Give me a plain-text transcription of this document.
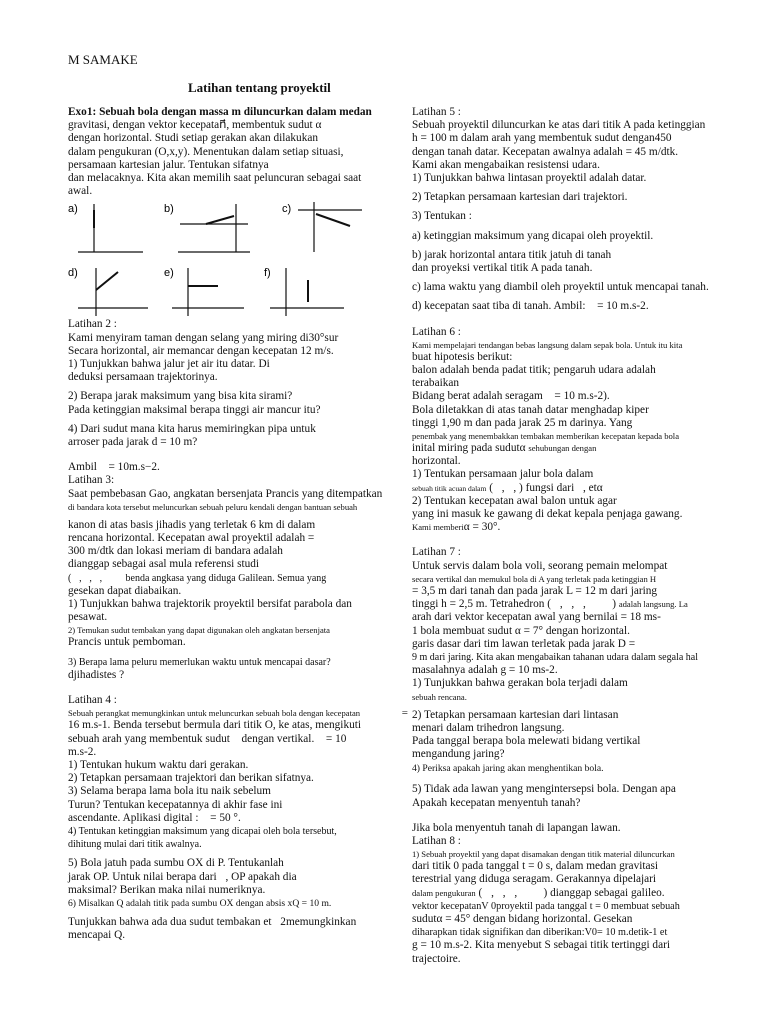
M SAMAKE
Latihan tentang proyektil

Exo1: Sebuah bola dengan massa m diluncurkan dalam medan

gravitasi, dengan vektor kecepatan⃗⃗, membentuk sudut α

dengan horizontal. Studi setiap gerakan akan dilakukan

dalam pengukuran (O,x,y). Menentukan dalam setiap situasi,

persamaan kartesian jalur. Tentukan sifatnya

dan melacaknya. Kita akan memilih saat peluncuran sebagai saat

awal.

a)	b)	c)
d)	e)	f)

Latihan 2 :

Kami menyiram taman dengan selang yang miring di30°sur

Secara horizontal, air memancar dengan kecepatan 12 m/s.

1) Tunjukkan bahwa jalur jet air itu datar. Di

deduksi persamaan trajektorinya.

2) Berapa jarak maksimum yang bisa kita sirami?

Pada ketinggian maksimal berapa tinggi air mancur itu?

4) Dari sudut mana kita harus memiringkan pipa untuk

arroser pada jarak d = 10 m?

Ambil⃞ = 10m.s−2.

Latihan 3:

Saat pembebasan Gao, angkatan bersenjata Prancis yang ditempatkan

di bandara kota tersebut meluncurkan sebuah peluru kendali dengan bantuan sebuah

kanon di atas basis jihadis yang terletak 6 km di dalam

rencana horizontal. Kecepatan awal proyektil adalah =

300 m/dtk dan lokasi meriam di bandara adalah

dianggap sebagai asal mula referensi studi

(⃞,⃞,⃞,⃞⃞⃞benda angkasa yang diduga Galilean. Semua yang

gesekan dapat diabaikan.

1) Tunjukkan bahwa trajektorik proyektil bersifat parabola dan

pesawat.

2) Temukan sudut tembakan yang dapat digunakan oleh angkatan bersenjata

Prancis untuk pemboman.

3) Berapa lama peluru memerlukan waktu untuk mencapai dasar?

djihadistes ?

Latihan 4 :

Sebuah perangkat memungkinkan untuk meluncurkan sebuah bola dengan kecepatan	=

16 m.s-1. Benda tersebut bermula dari titik O, ke atas, mengikuti

sebuah arah yang membentuk sudut⃞ dengan vertikal.⃞ = 10

m.s-2.

1) Tentukan hukum waktu dari gerakan.

2) Tetapkan persamaan trajektori dan berikan sifatnya.

3) Selama berapa lama bola itu naik sebelum

Turun? Tentukan kecepatannya di akhir fase ini

ascendante. Aplikasi digital :⃞ = 50 °.

4) Tentukan ketinggian maksimum yang dicapai oleh bola tersebut,

dihitung mulai dari titik awalnya.

5) Bola jatuh pada sumbu OX di P. Tentukanlah

jarak OP. Untuk nilai berapa dari⃞, OP apakah dia

maksimal? Berikan maka nilai numeriknya.

6) Misalkan Q adalah titik pada sumbu OX dengan absis xQ = 10 m.

Tunjukkan bahwa ada dua sudut tembakan et⃞2memungkinkan

mencapai Q.

Latihan 5 :

Sebuah proyektil diluncurkan ke atas dari titik A pada ketinggian

h = 100 m dalam arah yang membentuk sudut dengan450

dengan tanah datar. Kecepatan awalnya adalah = 45 m/dtk.

Kami akan mengabaikan resistensi udara.

1) Tunjukkan bahwa lintasan proyektil adalah datar.

2) Tetapkan persamaan kartesian dari trajektori.

3) Tentukan :

a) ketinggian maksimum yang dicapai oleh proyektil.

b) jarak horizontal antara titik jatuh di tanah

dan proyeksi vertikal titik A pada tanah.

c) lama waktu yang diambil oleh proyektil untuk mencapai tanah.

d) kecepatan saat tiba di tanah. Ambil:⃞ = 10 m.s-2.

Latihan 6 :

Kami mempelajari tendangan bebas langsung dalam sepak bola. Untuk itu kita

buat hipotesis berikut:

balon adalah benda padat titik; pengaruh udara adalah

terabaikan

Bidang berat adalah seragam⃞ = 10 m.s-2).

Bola diletakkan di atas tanah datar menghadap kiper

tinggi 1,90 m dan pada jarak 25 m darinya. Yang

penembak yang menembakkan tembakan memberikan kecepatan kepada bola

inital miring pada sudutα sehubungan dengan

horizontal.

1) Tentukan persamaan jalur bola dalam

sebuah titik acuan dalam (⃞,⃞, ) fungsi dari⃞, etα

2) Tentukan kecepatan awal balon untuk agar

yang ini masuk ke gawang di dekat kepala penjaga gawang.

Kami memberiα = 30°.

Latihan 7 :

Untuk servis dalam bola voli, seorang pemain melompat

secara vertikal dan memukul bola di A yang terletak pada ketinggian H

= 3,5 m dari tanah dan pada jarak L = 12 m dari jaring

tinggi h = 2,5 m. Tetrahedron (⃞,⃞,⃞,⃞⃞⃞) adalah langsung. La

arah dari vektor kecepatan awal yang bernilai = 18 ms-

1 bola membuat sudut α = 7° dengan horizontal.

garis dasar dari tim lawan terletak pada jarak D =

9 m dari jaring. Kita akan mengabaikan tahanan udara dalam segala hal

masalahnya adalah g = 10 ms-2.

1) Tunjukkan bahwa gerakan bola terjadi dalam

sebuah rencana.

2) Tetapkan persamaan kartesian dari lintasan

menari dalam trihedron langsung.

Pada tanggal berapa bola melewati bidang vertikal

mengandung jaring?

4) Periksa apakah jaring akan menghentikan bola.

5) Tidak ada lawan yang mengintersepsi bola. Dengan apa

Apakah kecepatan menyentuh tanah?

Jika bola menyentuh tanah di lapangan lawan.

Latihan 8 :

1) Sebuah proyektil yang dapat disamakan dengan titik material diluncurkan

dari titik 0 pada tanggal t = 0 s, dalam medan gravitasi

terestrial yang diduga seragam. Gerakannya dipelajari

dalam pengukuran (⃞,⃞,⃞,⃞⃞⃞) dianggap sebagai galileo.

vektor kecepatanV 0proyektil pada tanggal t = 0 membuat sebuah

sudutα = 45° dengan bidang horizontal. Gesekan

diharapkan tidak signifikan dan diberikan:V0= 10 m.detik-1 et

g = 10 m.s-2. Kita menyebut S sebagai titik tertinggi dari

trajectoire.
